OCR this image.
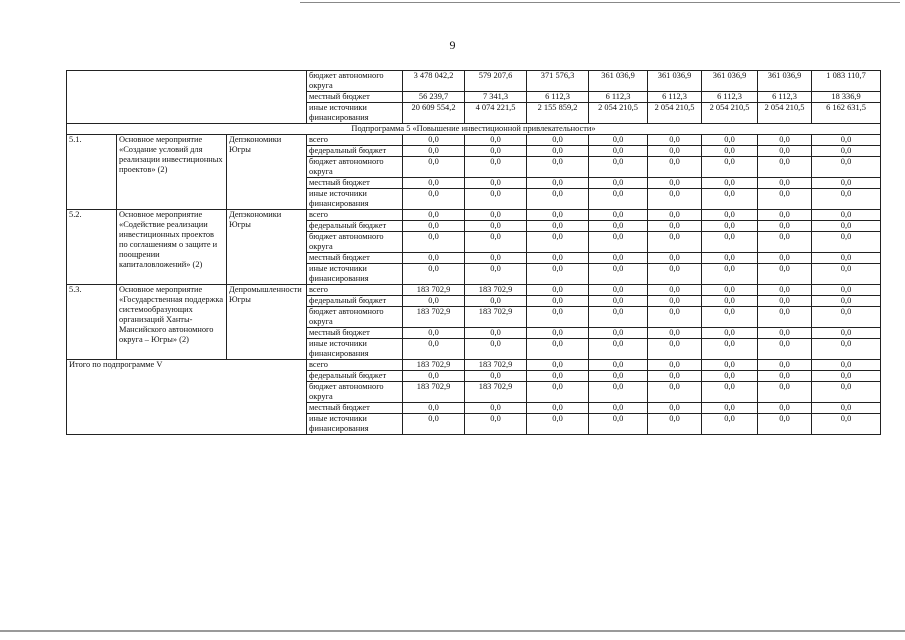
9
			бюджет автономного округа	3 478 042,2	579 207,6	371 576,3	361 036,9	361 036,9	361 036,9	361 036,9	1 083 110,7
			местный бюджет	56 239,7	7 341,3	6 112,3	6 112,3	6 112,3	6 112,3	6 112,3	18 336,9
			иные источники финансирования	20 609 554,2	4 074 221,5	2 155 859,2	2 054 210,5	2 054 210,5	2 054 210,5	2 054 210,5	6 162 631,5
Подпрограмма 5 «Повышение инвестиционной привлекательности»											
5.1.	Основное мероприятие «Создание условий для реализации инвестиционных проектов» (2)	Депэкономики Югры	всего	0,0	0,0	0,0	0,0	0,0	0,0	0,0	0,0
			федеральный бюджет	0,0	0,0	0,0	0,0	0,0	0,0	0,0	0,0
			бюджет автономного округа	0,0	0,0	0,0	0,0	0,0	0,0	0,0	0,0
			местный бюджет	0,0	0,0	0,0	0,0	0,0	0,0	0,0	0,0
			иные источники финансирования	0,0	0,0	0,0	0,0	0,0	0,0	0,0	0,0
5.2.	Основное мероприятие «Содействие реализации инвестиционных проектов по соглашениям о защите и поощрении капиталовложений» (2)	Депэкономики Югры	всего	0,0	0,0	0,0	0,0	0,0	0,0	0,0	0,0
			федеральный бюджет	0,0	0,0	0,0	0,0	0,0	0,0	0,0	0,0
			бюджет автономного округа	0,0	0,0	0,0	0,0	0,0	0,0	0,0	0,0
			местный бюджет	0,0	0,0	0,0	0,0	0,0	0,0	0,0	0,0
			иные источники финансирования	0,0	0,0	0,0	0,0	0,0	0,0	0,0	0,0
5.3.	Основное мероприятие «Государственная поддержка системообразующих организаций Ханты-Мансийского автономного округа – Югры» (2)	Депромышленности Югры	всего	183 702,9	183 702,9	0,0	0,0	0,0	0,0	0,0	0,0
			федеральный бюджет	0,0	0,0	0,0	0,0	0,0	0,0	0,0	0,0
			бюджет автономного округа	183 702,9	183 702,9	0,0	0,0	0,0	0,0	0,0	0,0
			местный бюджет	0,0	0,0	0,0	0,0	0,0	0,0	0,0	0,0
			иные источники финансирования	0,0	0,0	0,0	0,0	0,0	0,0	0,0	0,0
Итого по подпрограмме V			всего	183 702,9	183 702,9	0,0	0,0	0,0	0,0	0,0	0,0
			федеральный бюджет	0,0	0,0	0,0	0,0	0,0	0,0	0,0	0,0
			бюджет автономного округа	183 702,9	183 702,9	0,0	0,0	0,0	0,0	0,0	0,0
			местный бюджет	0,0	0,0	0,0	0,0	0,0	0,0	0,0	0,0
			иные источники финансирования	0,0	0,0	0,0	0,0	0,0	0,0	0,0	0,0
